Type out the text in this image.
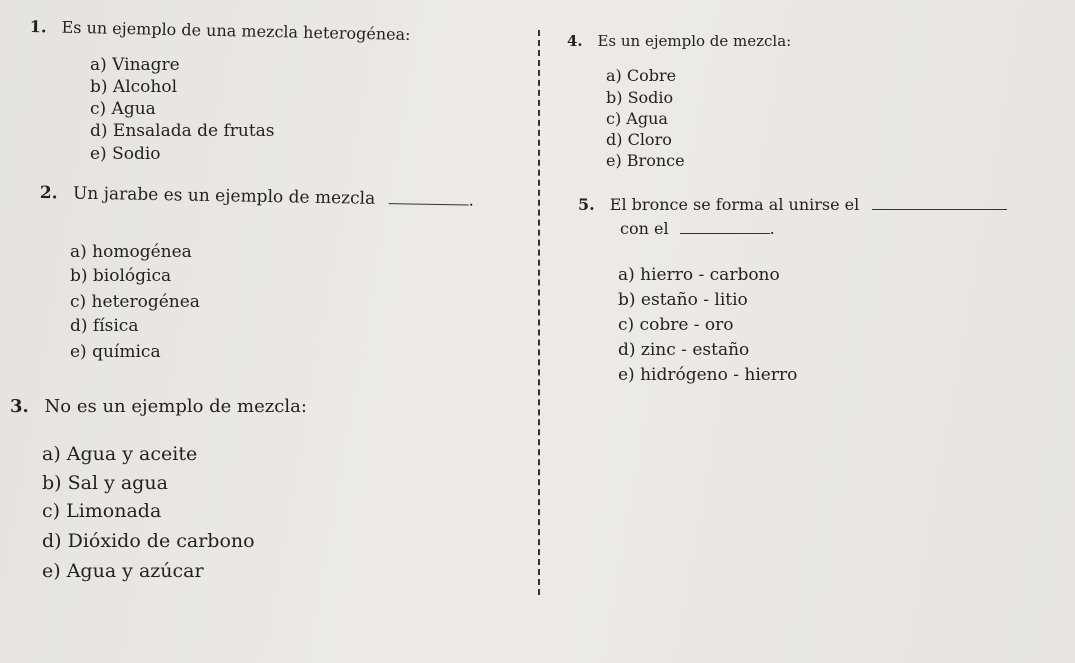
1. Es un ejemplo de una mezcla heterogénea:
a) Vinagre
b) Alcohol
c) Agua
d) Ensalada de frutas
e) Sodio
2. Un jarabe es un ejemplo de mezcla	.
a) homogénea
b) biológica
c) heterogénea
d) física
e) química
3. No es un ejemplo de mezcla:
a) Agua y aceite
b) Sal y agua
c) Limonada
d) Dióxido de carbono
e) Agua y azúcar
4. Es un ejemplo de mezcla:
a) Cobre
b) Sodio
c) Agua
d) Cloro
e) Bronce
5. El bronce se forma al unirse el
con el	.
a) hierro - carbono
b) estaño - litio
c) cobre - oro
d) zinc - estaño
e) hidrógeno - hierro
